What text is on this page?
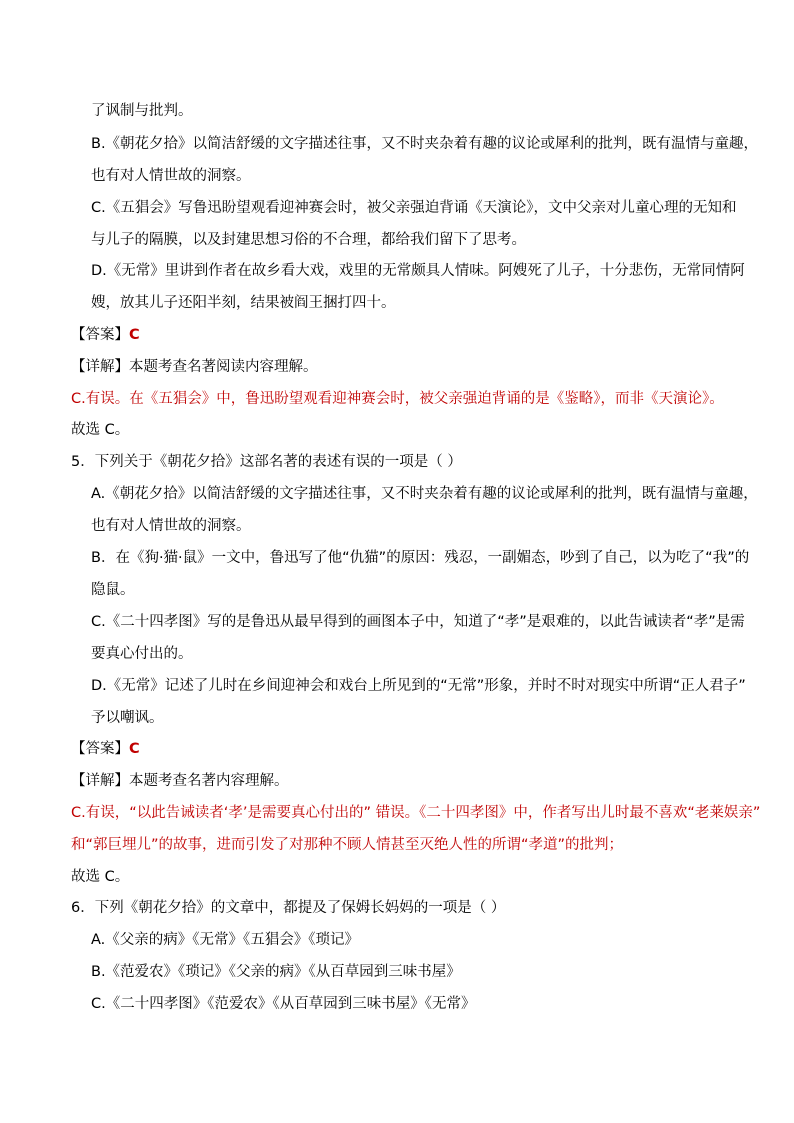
了讽制与批判。
B.《朝花夕拾》以简洁舒缓的文字描述往事，又不时夹杂着有趣的议论或犀利的批判，既有温情与童趣，
也有对人情世故的洞察。
C.《五猖会》写鲁迅盼望观看迎神赛会时，被父亲强迫背诵《天演论》，文中父亲对儿童心理的无知和
与儿子的隔膜，以及封建思想习俗的不合理，都给我们留下了思考。
D.《无常》里讲到作者在故乡看大戏，戏里的无常颇具人情味。阿嫂死了儿子，十分悲伤，无常同情阿
嫂，放其儿子还阳半刻，结果被阎王捆打四十。
【答案】C
【详解】本题考查名著阅读内容理解。
C.有误。在《五猖会》中，鲁迅盼望观看迎神赛会时，被父亲强迫背诵的是《鉴略》，而非《天演论》。
故选 C。
5．下列关于《朝花夕拾》这部名著的表述有误的一项是（ ）
A.《朝花夕拾》以简洁舒缓的文字描述往事，又不时夹杂着有趣的议论或犀利的批判，既有温情与童趣，
也有对人情世故的洞察。
B．在《狗·猫·鼠》一文中，鲁迅写了他“仇猫”的原因：残忍，一副媚态，吵到了自己，以为吃了“我”的
隐鼠。
C.《二十四孝图》写的是鲁迅从最早得到的画图本子中，知道了“孝”是艰难的，以此告诫读者“孝”是需
要真心付出的。
D.《无常》记述了儿时在乡间迎神会和戏台上所见到的“无常”形象，并时不时对现实中所谓“正人君子”
予以嘲讽。
【答案】C
【详解】本题考查名著内容理解。
C.有误，“以此告诫读者‘孝’是需要真心付出的” 错误。《二十四孝图》中，作者写出儿时最不喜欢“老莱娱亲”
和“郭巨埋儿”的故事，进而引发了对那种不顾人情甚至灭绝人性的所谓“孝道”的批判；
故选 C。
6．下列《朝花夕拾》的文章中，都提及了保姆长妈妈的一项是（ ）
A.《父亲的病》《无常》《五猖会》《琐记》
B.《范爱农》《琐记》《父亲的病》《从百草园到三味书屋》
C.《二十四孝图》《范爱农》《从百草园到三味书屋》《无常》
